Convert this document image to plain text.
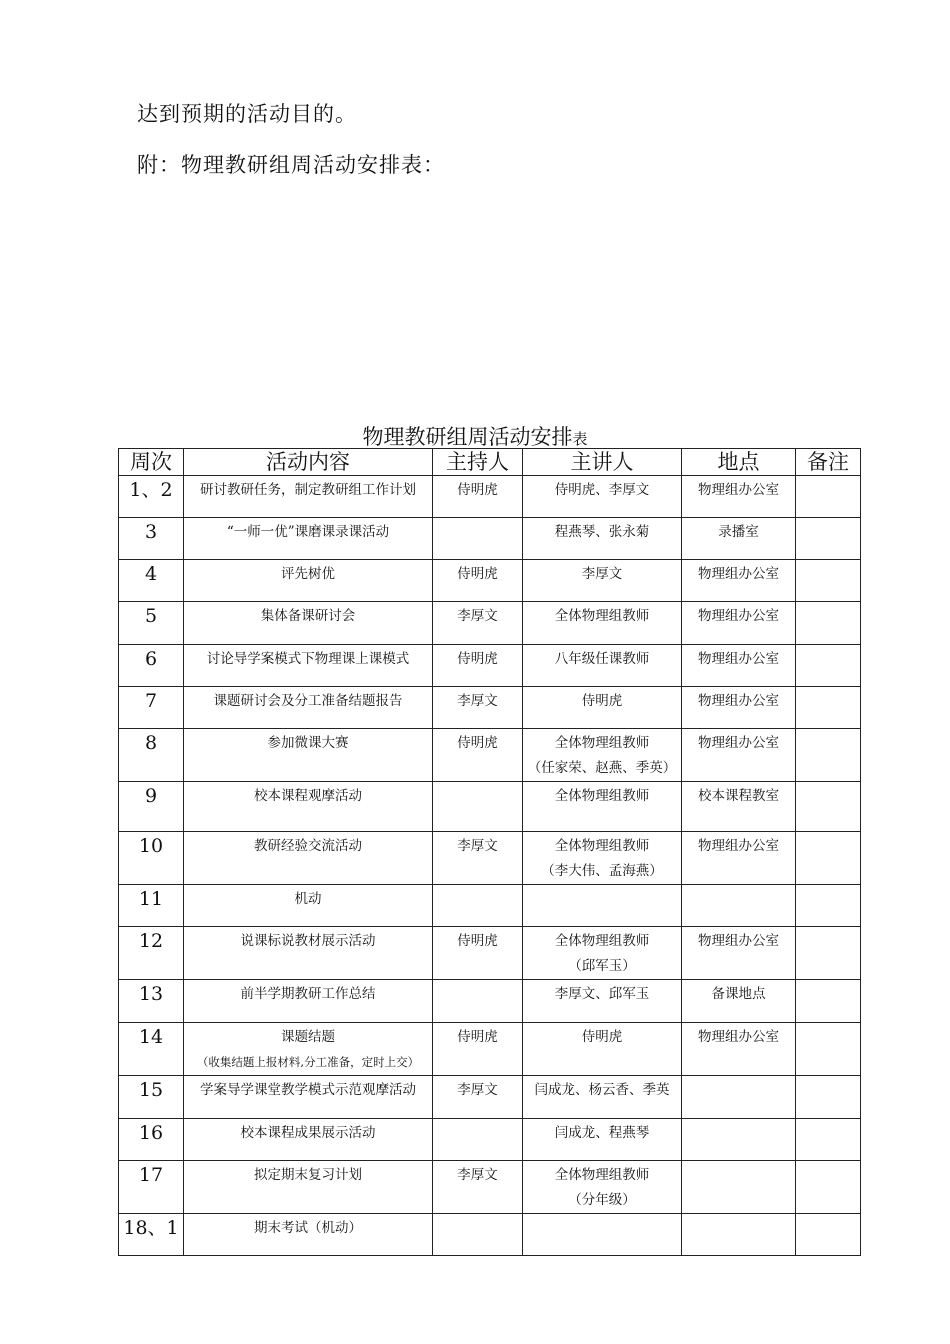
达到预期的活动目的。
附：物理教研组周活动安排表：
物理教研组周活动安排表
周次	活动内容	主持人	主讲人	地点	备注
1、2	研讨教研任务，制定教研组工作计划	侍明虎	侍明虎、李厚文	物理组办公室	
3	“一师一优”课磨课录课活动		程燕琴、张永菊	录播室	
4	评先树优	侍明虎	李厚文	物理组办公室	
5	集体备课研讨会	李厚文	全体物理组教师	物理组办公室	
6	讨论导学案模式下物理课上课模式	侍明虎	八年级任课教师	物理组办公室	
7	课题研讨会及分工准备结题报告	李厚文	侍明虎	物理组办公室	
8	参加微课大赛	侍明虎	全体物理组教师
（任家荣、赵燕、季英）	物理组办公室	
9	校本课程观摩活动		全体物理组教师	校本课程教室	
10	教研经验交流活动	李厚文	全体物理组教师
（李大伟、孟海燕）	物理组办公室	
11	机动				
12	说课标说教材展示活动	侍明虎	全体物理组教师
（邱军玉）	物理组办公室	
13	前半学期教研工作总结		李厚文、邱军玉	备课地点	
14	课题结题
（收集结题上报材料,分工准备，定时上交）	侍明虎	侍明虎	物理组办公室	
15	学案导学课堂教学模式示范观摩活动	李厚文	闫成龙、杨云香、季英		
16	校本课程成果展示活动		闫成龙、程燕琴		
17	拟定期末复习计划	李厚文	全体物理组教师
（分年级）		

18、1	期末考试（机动）				
